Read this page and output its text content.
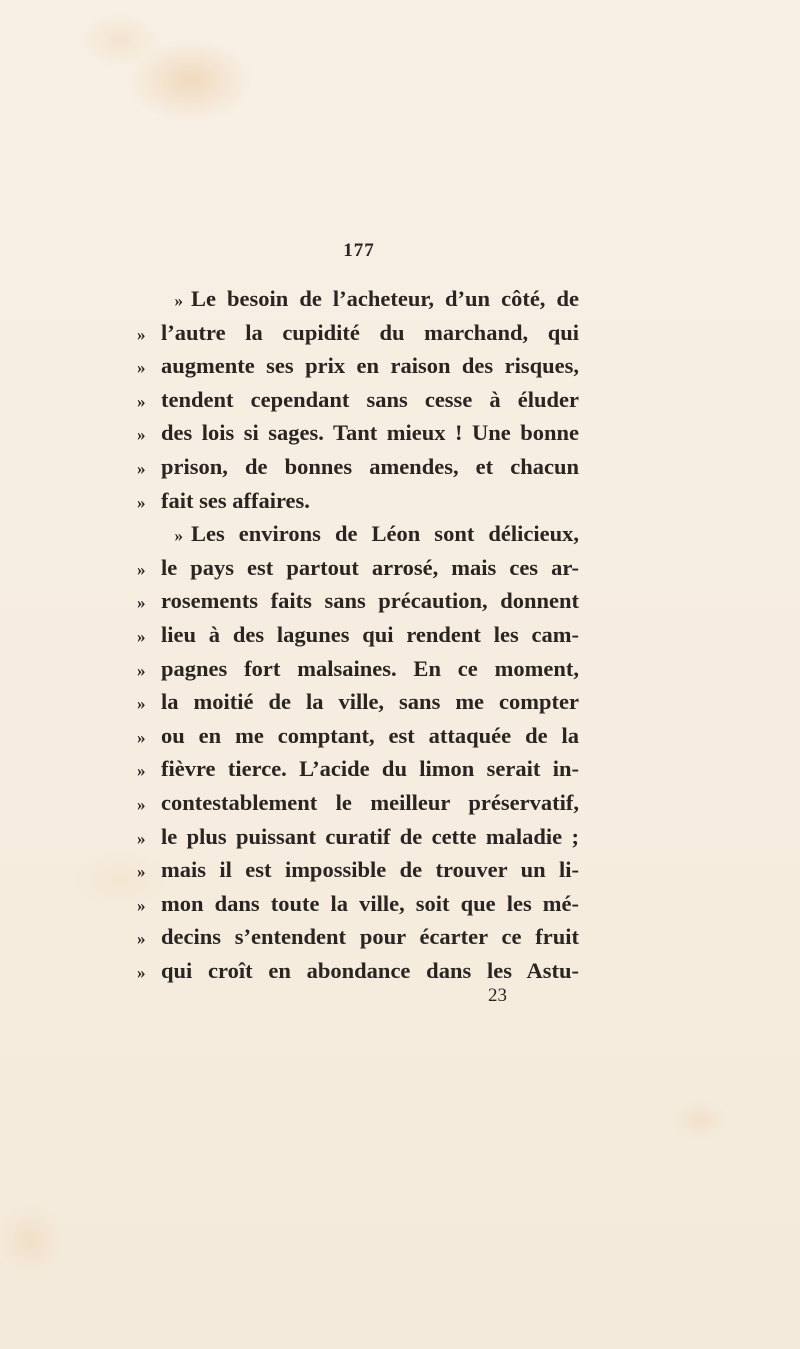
177
» Le besoin de l’acheteur, d’un côté, de
» l’autre la cupidité du marchand, qui
» augmente ses prix en raison des risques,
» tendent cependant sans cesse à éluder
» des lois si sages. Tant mieux ! Une bonne
» prison, de bonnes amendes, et chacun
» fait ses affaires.
» Les environs de Léon sont délicieux,
» le pays est partout arrosé, mais ces ar-
» rosements faits sans précaution, donnent
» lieu à des lagunes qui rendent les cam-
» pagnes fort malsaines. En ce moment,
» la moitié de la ville, sans me compter
» ou en me comptant, est attaquée de la
» fièvre tierce. L’acide du limon serait in-
» contestablement le meilleur préservatif,
» le plus puissant curatif de cette maladie ;
» mais il est impossible de trouver un li-
» mon dans toute la ville, soit que les mé-
» decins s’entendent pour écarter ce fruit
» qui croît en abondance dans les Astu-
23
